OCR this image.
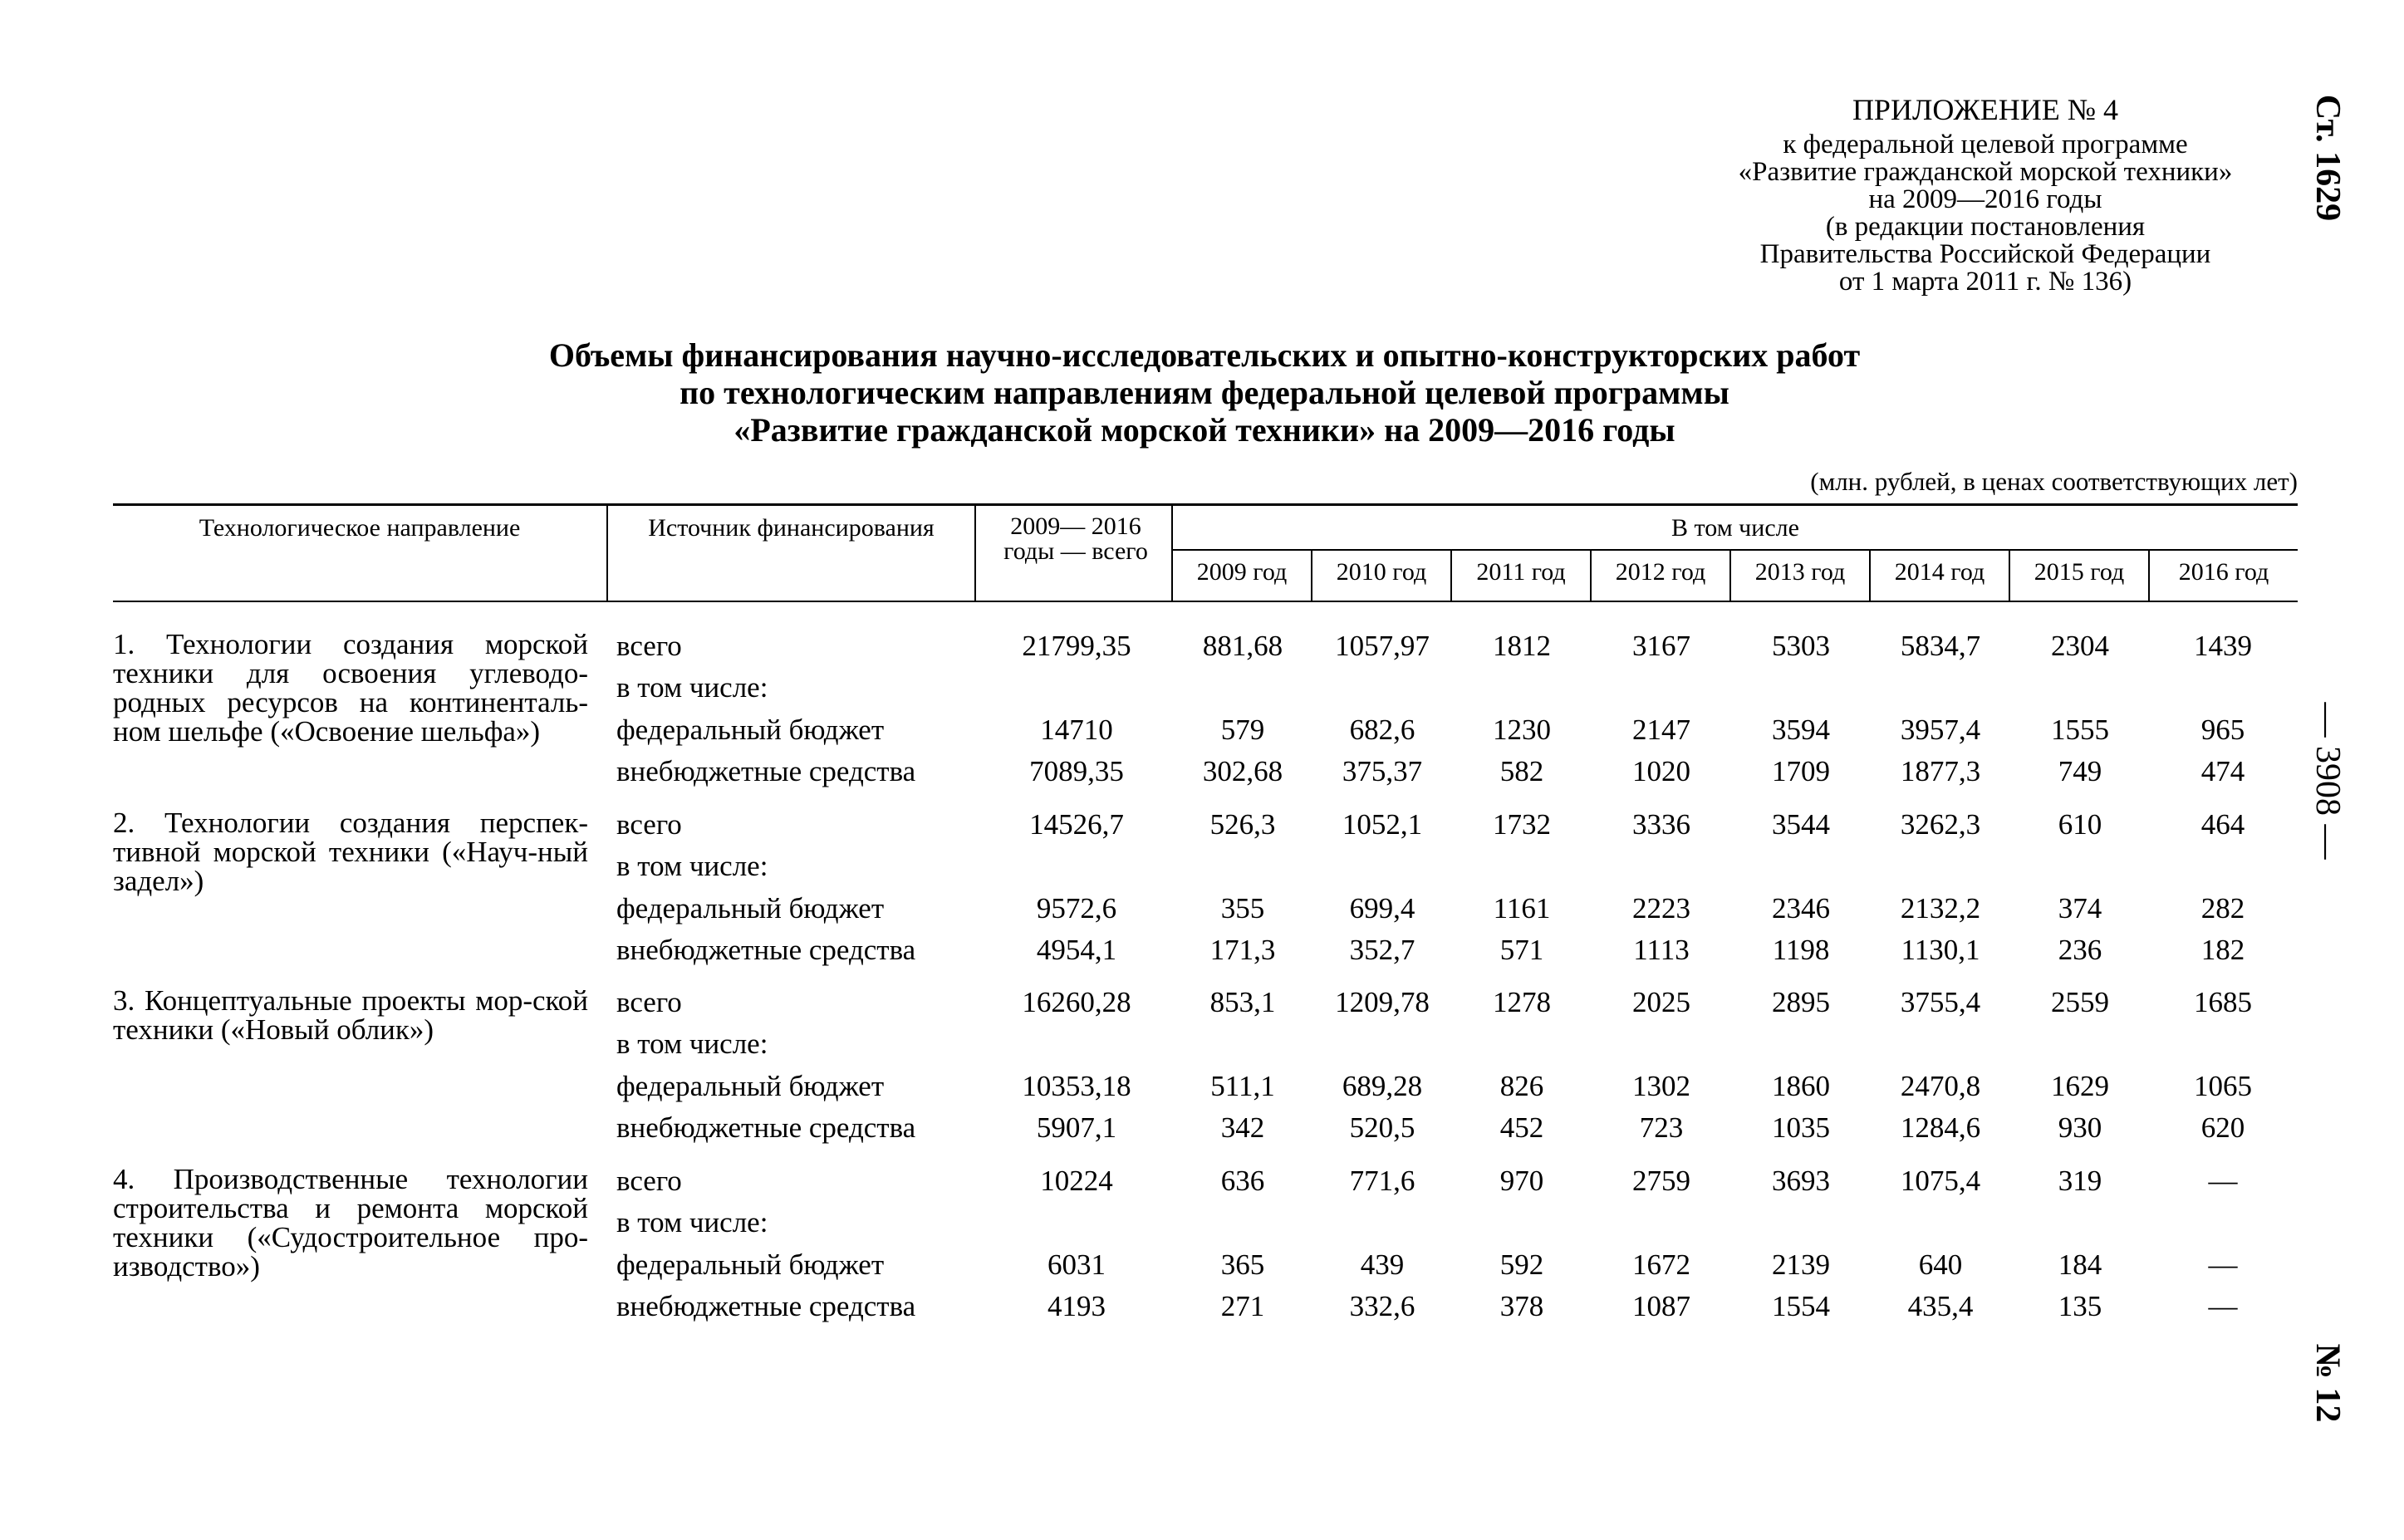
ПРИЛОЖЕНИЕ № 4
к федеральной целевой программе
«Развитие гражданской морской техники»
на 2009—2016 годы
(в редакции постановления
Правительства Российской Федерации
от 1 марта 2011 г. № 136)
Объемы финансирования научно-исследовательских и опытно-конструкторских работ
по технологическим направлениям федеральной целевой программы
«Развитие гражданской морской техники» на 2009—2016 годы
(млн. рублей, в ценах соответствующих лет)
Ст. 1629
— 3908 —
№ 12
Технологическое направление	Источник финансирования	2009— 2016 годы — всего
В том числе
2009 год	2010 год	2011 год	2012 год	2013 год	2014 год	2015 год	2016 год
1. Технологии создания морской техники для освоения углеводо-родных ресурсов на континенталь-ном шельфе («Освоение шельфа»)
всего	21799,35	881,68	1057,97	1812	3167	5303	5834,7	2304	1439
в том числе:
федеральный бюджет	14710	579	682,6	1230	2147	3594	3957,4	1555	965
внебюджетные средства	7089,35	302,68	375,37	582	1020	1709	1877,3	749	474
2. Технологии создания перспек-тивной морской техники («Науч-ный задел»)
всего	14526,7	526,3	1052,1	1732	3336	3544	3262,3	610	464
в том числе:
федеральный бюджет	9572,6	355	699,4	1161	2223	2346	2132,2	374	282
внебюджетные средства	4954,1	171,3	352,7	571	1113	1198	1130,1	236	182
3. Концептуальные проекты мор-ской техники («Новый облик»)
всего	16260,28	853,1	1209,78	1278	2025	2895	3755,4	2559	1685
в том числе:
федеральный бюджет	10353,18	511,1	689,28	826	1302	1860	2470,8	1629	1065
внебюджетные средства	5907,1	342	520,5	452	723	1035	1284,6	930	620
4. Производственные технологии строительства и ремонта морской техники («Судостроительное про-изводство»)
всего	10224	636	771,6	970	2759	3693	1075,4	319	—
в том числе:
федеральный бюджет	6031	365	439	592	1672	2139	640	184	—
внебюджетные средства	4193	271	332,6	378	1087	1554	435,4	135	—
